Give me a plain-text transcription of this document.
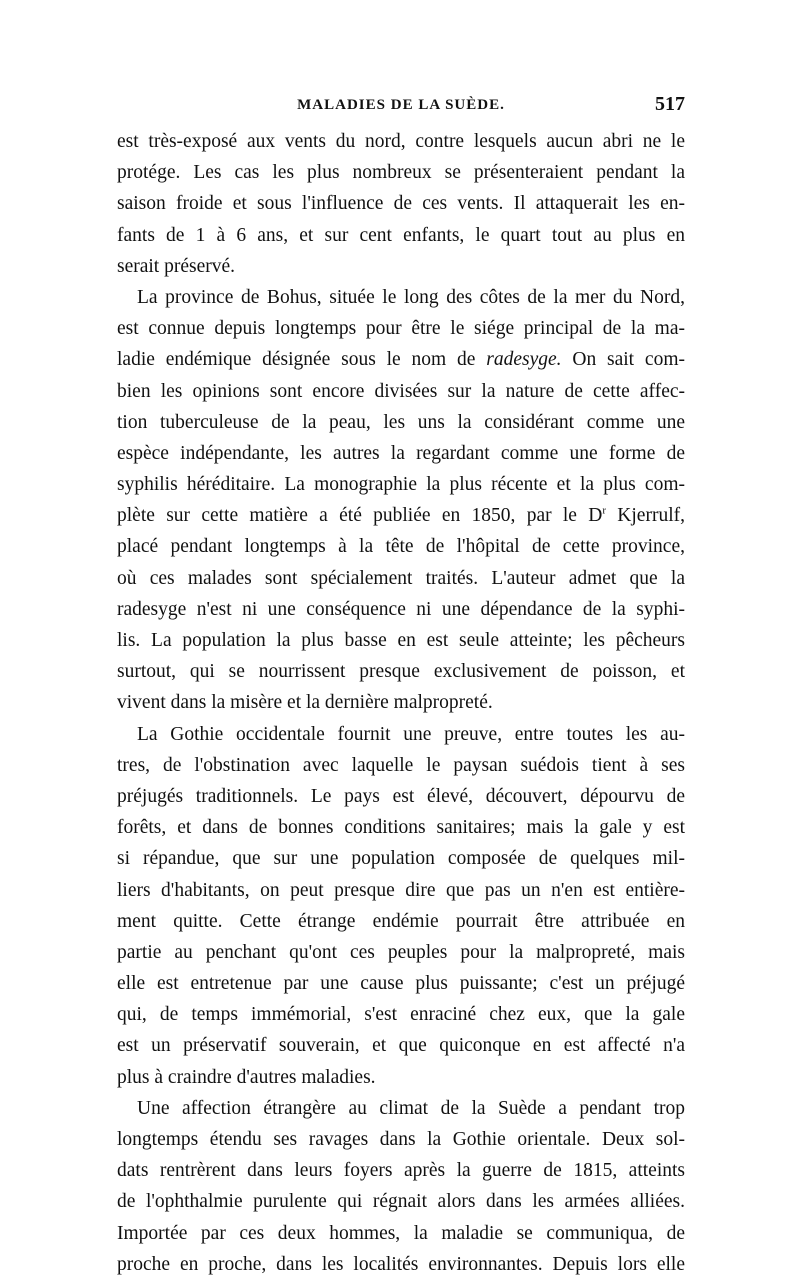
MALADIES DE LA SUÈDE.	517
est très-exposé aux vents du nord, contre lesquels aucun abri ne le
protége. Les cas les plus nombreux se présenteraient pendant la
saison froide et sous l'influence de ces vents. Il attaquerait les en-
fants de 1 à 6 ans, et sur cent enfants, le quart tout au plus en
serait préservé.
La province de Bohus, située le long des côtes de la mer du Nord,
est connue depuis longtemps pour être le siége principal de la ma-
ladie endémique désignée sous le nom de radesyge. On sait com-
bien les opinions sont encore divisées sur la nature de cette affec-
tion tuberculeuse de la peau, les uns la considérant comme une
espèce indépendante, les autres la regardant comme une forme de
syphilis héréditaire. La monographie la plus récente et la plus com-
plète sur cette matière a été publiée en 1850, par le $D^r$ Kjerrulf,
placé pendant longtemps à la tête de l'hôpital de cette province,
où ces malades sont spécialement traités. L'auteur admet que la
radesyge n'est ni une conséquence ni une dépendance de la syphi-
lis. La population la plus basse en est seule atteinte; les pêcheurs
surtout, qui se nourrissent presque exclusivement de poisson, et
vivent dans la misère et la dernière malpropreté.
La Gothie occidentale fournit une preuve, entre toutes les au-
tres, de l'obstination avec laquelle le paysan suédois tient à ses
préjugés traditionnels. Le pays est élevé, découvert, dépourvu de
forêts, et dans de bonnes conditions sanitaires; mais la gale y est
si répandue, que sur une population composée de quelques mil-
liers d'habitants, on peut presque dire que pas un n'en est entière-
ment quitte. Cette étrange endémie pourrait être attribuée en
partie au penchant qu'ont ces peuples pour la malpropreté, mais
elle est entretenue par une cause plus puissante; c'est un préjugé
qui, de temps immémorial, s'est enraciné chez eux, que la gale
est un préservatif souverain, et que quiconque en est affecté n'a
plus à craindre d'autres maladies.
Une affection étrangère au climat de la Suède a pendant trop
longtemps étendu ses ravages dans la Gothie orientale. Deux sol-
dats rentrèrent dans leurs foyers après la guerre de 1815, atteints
de l'ophthalmie purulente qui régnait alors dans les armées alliées.
Importée par ces deux hommes, la maladie se communiqua, de
proche en proche, dans les localités environnantes. Depuis lors elle
